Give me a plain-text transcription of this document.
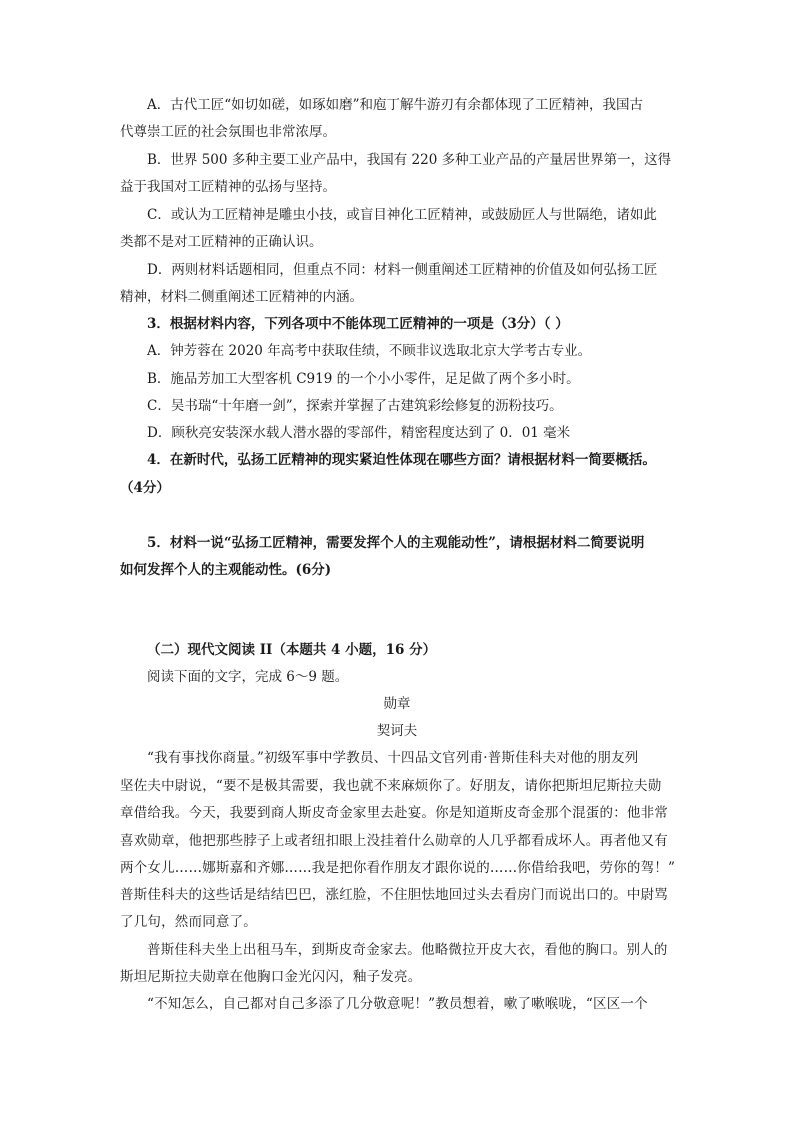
A．古代工匠“如切如磋，如琢如磨”和庖丁解牛游刃有余都体现了工匠精神，我国古
代尊崇工匠的社会氛围也非常浓厚。
B．世界 500 多种主要工业产品中，我国有 220 多种工业产品的产量居世界第一，这得
益于我国对工匠精神的弘扬与坚持。
C．或认为工匠精神是雕虫小技，或盲目神化工匠精神，或鼓励匠人与世隔绝，诸如此
类都不是对工匠精神的正确认识。
D．两则材料话题相同，但重点不同：材料一侧重阐述工匠精神的价值及如何弘扬工匠
精神，材料二侧重阐述工匠精神的内涵。
3．根据材料内容，下列各项中不能体现工匠精神的一项是（3分）（ ）
A．钟芳蓉在 2020 年高考中获取佳绩，不顾非议选取北京大学考古专业。
B．施品芳加工大型客机 C919 的一个小小零件，足足做了两个多小时。
C．吴书瑞“十年磨一剑”，探索并掌握了古建筑彩绘修复的沥粉技巧。
D．顾秋亮安装深水载人潜水器的零部件，精密程度达到了 0．01 毫米
4．在新时代，弘扬工匠精神的现实紧迫性体现在哪些方面？请根据材料一简要概括。
（4分）
5．材料一说“弘扬工匠精神，需要发挥个人的主观能动性”，请根据材料二简要说明
如何发挥个人的主观能动性。(6分)
（二）现代文阅读 II（本题共 4 小题，16 分）
阅读下面的文字，完成 6～9 题。
勋章
契诃夫
“我有事找你商量。”初级军事中学教员、十四品文官列甫·普斯佳科夫对他的朋友列
坚佐夫中尉说，“要不是极其需要，我也就不来麻烦你了。好朋友，请你把斯坦尼斯拉夫勋
章借给我。今天，我要到商人斯皮奇金家里去赴宴。你是知道斯皮奇金那个混蛋的：他非常
喜欢勋章，他把那些脖子上或者纽扣眼上没挂着什么勋章的人几乎都看成坏人。再者他又有
两个女儿……娜斯嘉和齐娜……我是把你看作朋友才跟你说的……你借给我吧，劳你的驾！”
普斯佳科夫的这些话是结结巴巴，涨红脸，不住胆怯地回过头去看房门而说出口的。中尉骂
了几句，然而同意了。
普斯佳科夫坐上出租马车，到斯皮奇金家去。他略微拉开皮大衣，看他的胸口。别人的
斯坦尼斯拉夫勋章在他胸口金光闪闪，釉子发亮。
“不知怎么，自己都对自己多添了几分敬意呢！”教员想着，嗽了嗽喉咙，“区区一个
